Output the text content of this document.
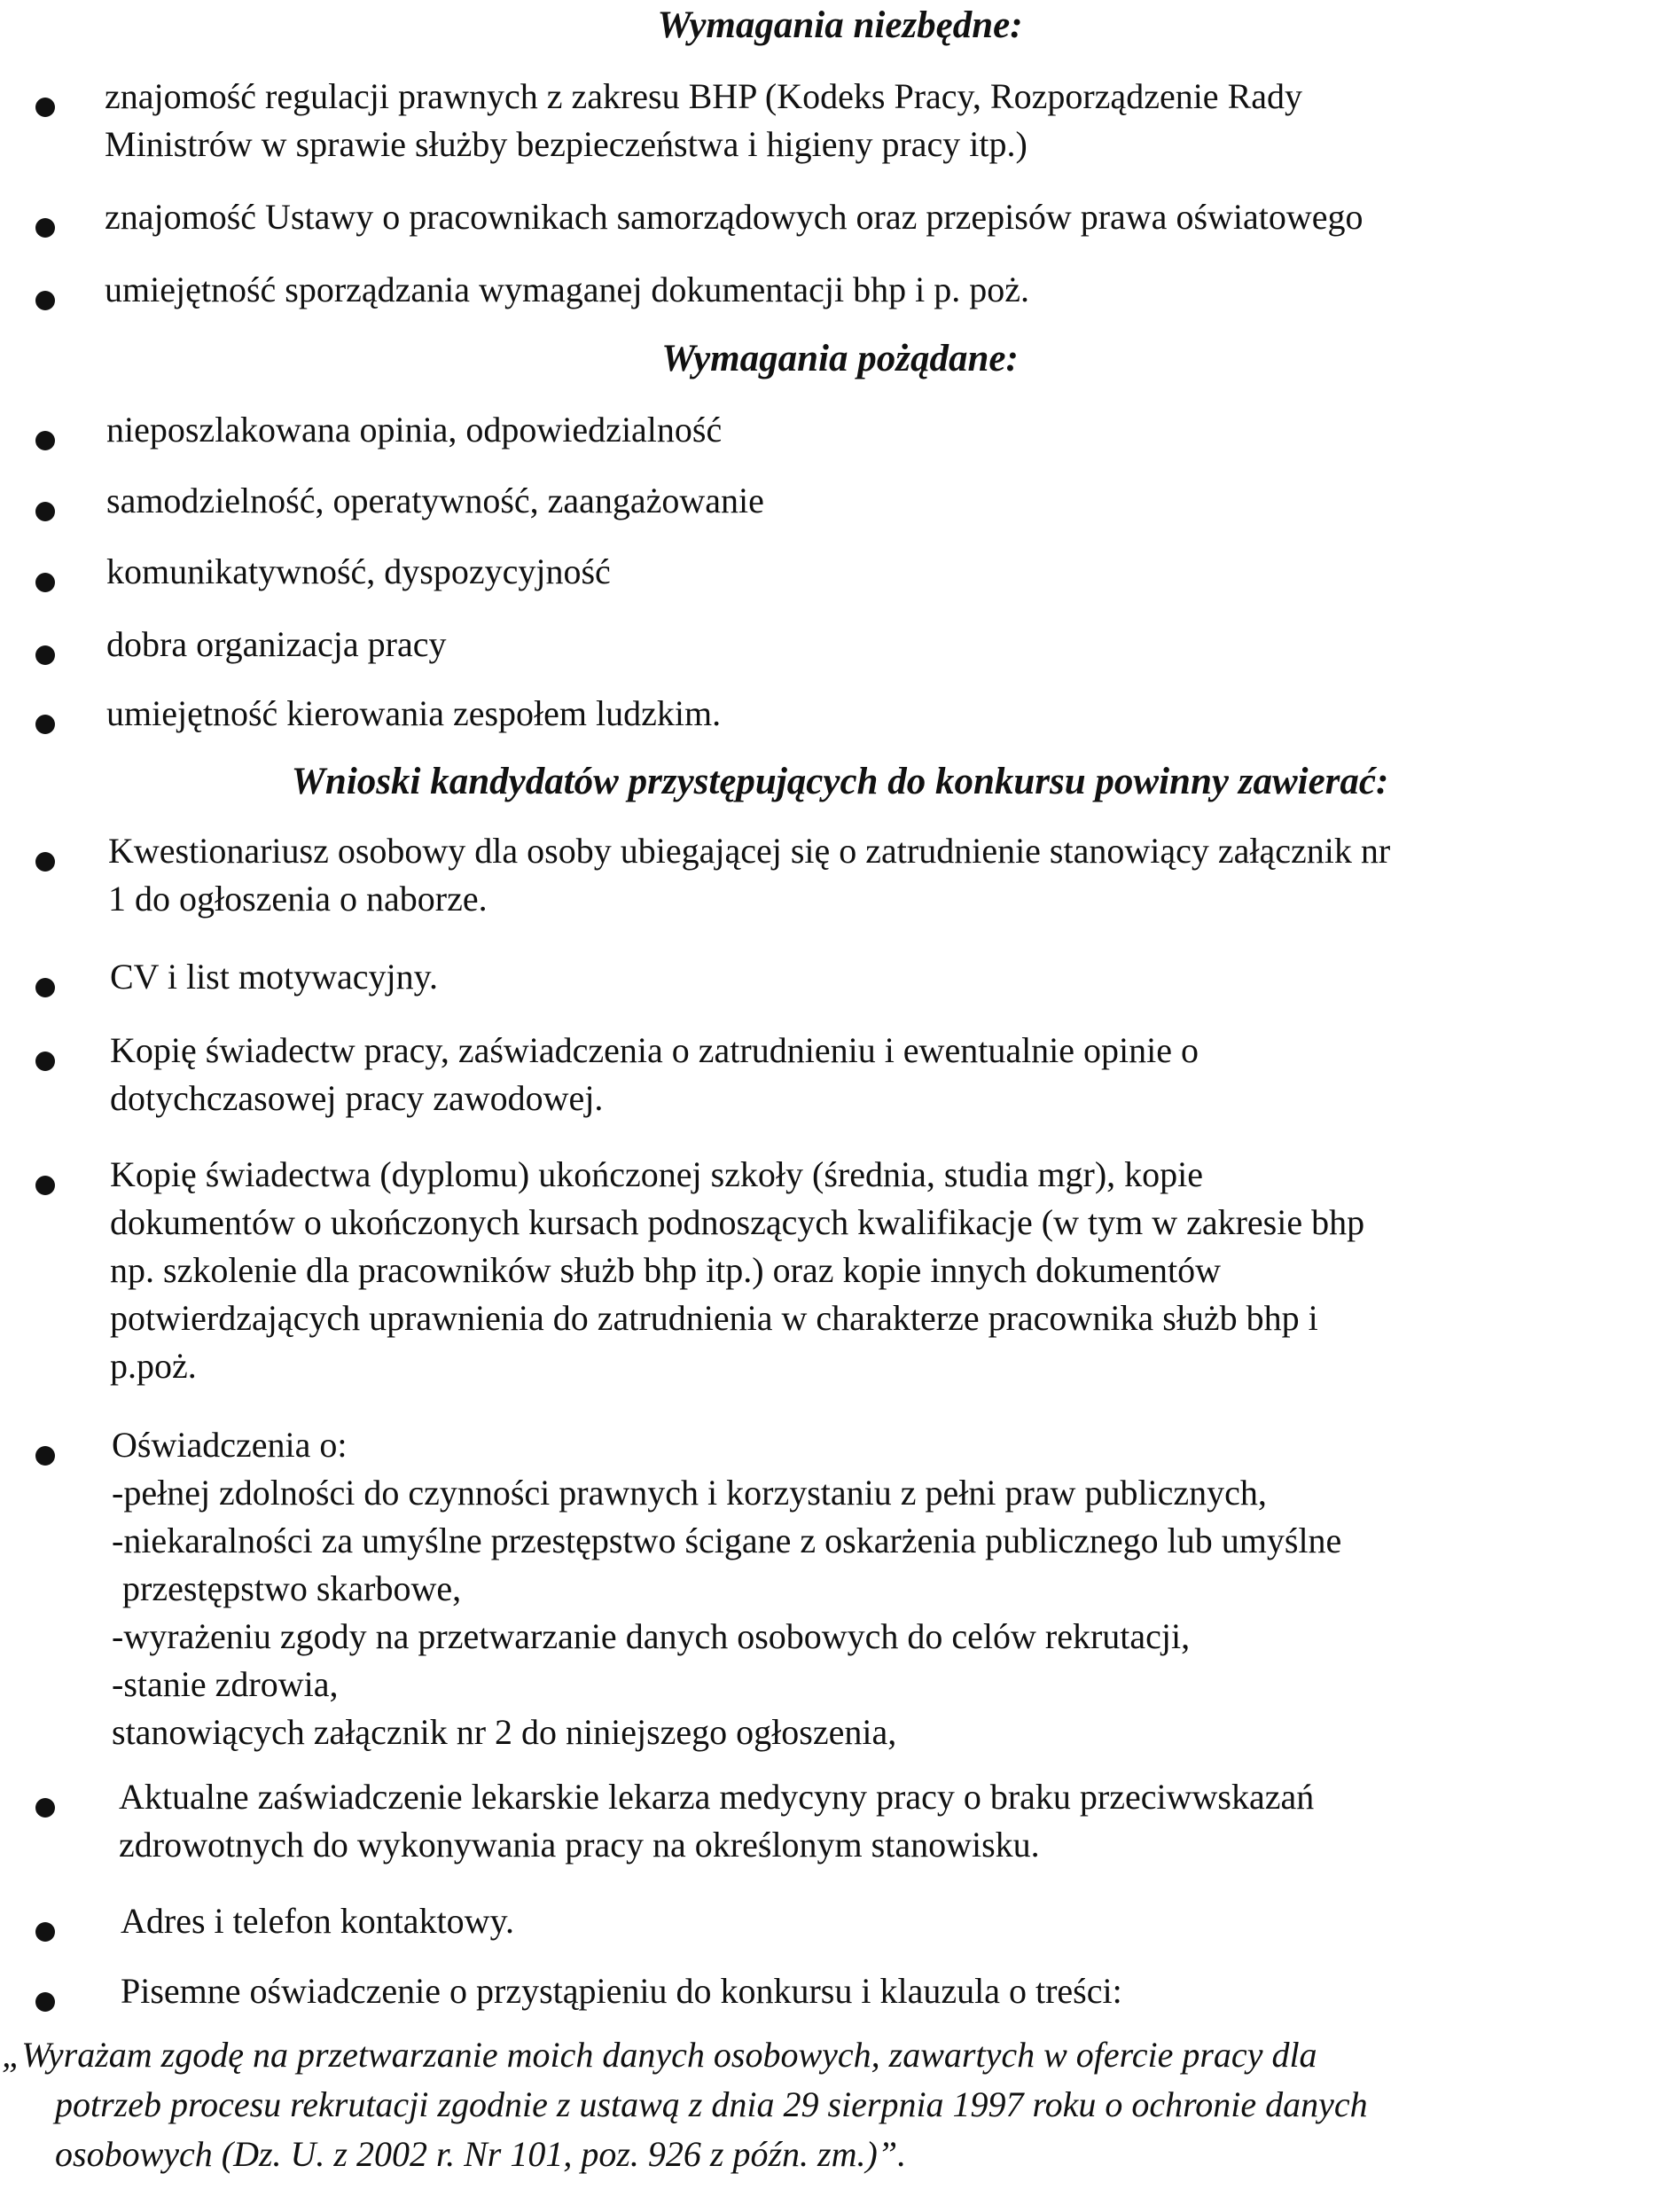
Wymagania niezbędne:
znajomość regulacji prawnych z zakresu BHP (Kodeks Pracy, Rozporządzenie Rady
Ministrów w sprawie służby bezpieczeństwa i higieny pracy itp.)
znajomość Ustawy o pracownikach samorządowych oraz przepisów prawa oświatowego
umiejętność sporządzania wymaganej dokumentacji bhp i p. poż.
Wymagania pożądane:
nieposzlakowana opinia, odpowiedzialność
samodzielność, operatywność, zaangażowanie
komunikatywność, dyspozycyjność
dobra organizacja pracy
umiejętność kierowania zespołem ludzkim.
Wnioski kandydatów przystępujących do konkursu powinny zawierać:
Kwestionariusz osobowy dla osoby ubiegającej się o zatrudnienie stanowiący załącznik nr
1 do ogłoszenia o naborze.
CV i list motywacyjny.
Kopię świadectw pracy, zaświadczenia o zatrudnieniu i ewentualnie opinie o
dotychczasowej pracy zawodowej.
Kopię świadectwa (dyplomu) ukończonej szkoły (średnia, studia mgr), kopie
dokumentów o ukończonych kursach podnoszących kwalifikacje (w tym w zakresie bhp
np. szkolenie dla pracowników służb bhp itp.) oraz kopie innych dokumentów
potwierdzających uprawnienia do zatrudnienia w charakterze pracownika służb bhp i
p.poż.
Oświadczenia o:
-pełnej zdolności do czynności prawnych i korzystaniu z pełni praw publicznych,
-niekaralności za umyślne przestępstwo ścigane z oskarżenia publicznego lub umyślne
przestępstwo skarbowe,
-wyrażeniu zgody na przetwarzanie danych osobowych do celów rekrutacji,
-stanie zdrowia,
stanowiących załącznik nr 2 do niniejszego ogłoszenia,
Aktualne zaświadczenie lekarskie lekarza medycyny pracy o braku przeciwwskazań
zdrowotnych do wykonywania pracy na określonym stanowisku.
Adres i telefon kontaktowy.
Pisemne oświadczenie o przystąpieniu do konkursu i klauzula o treści:
„Wyrażam zgodę na przetwarzanie moich danych osobowych, zawartych w ofercie pracy dla
potrzeb procesu rekrutacji zgodnie z ustawą z dnia 29 sierpnia 1997 roku o ochronie danych
osobowych (Dz. U. z 2002 r. Nr 101, poz. 926 z późn. zm.)”.
